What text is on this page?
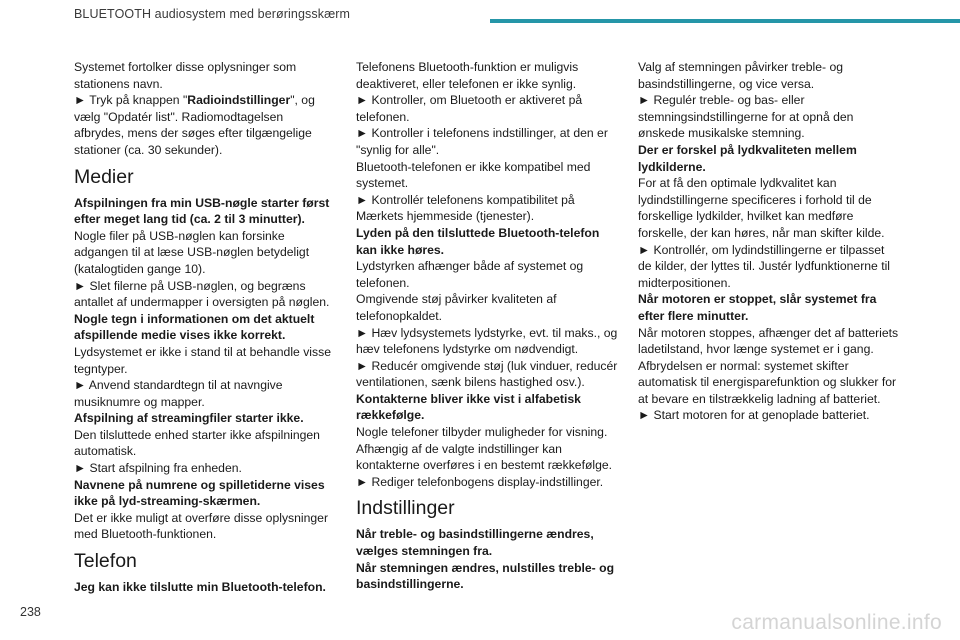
BLUETOOTH audiosystem med berøringsskærm

Systemet fortolker disse oplysninger som stationens navn.

► Tryk på knappen "Radioindstillinger", og vælg "Opdatér list". Radiomodtagelsen afbrydes, mens der søges efter tilgængelige stationer (ca. 30 sekunder).

Medier

Afspilningen fra min USB-nøgle starter først efter meget lang tid (ca. 2 til 3 minutter).

Nogle filer på USB-nøglen kan forsinke adgangen til at læse USB-nøglen betydeligt (katalogtiden gange 10).

► Slet filerne på USB-nøglen, og begræns antallet af undermapper i oversigten på nøglen.

Nogle tegn i informationen om det aktuelt afspillende medie vises ikke korrekt.

Lydsystemet er ikke i stand til at behandle visse tegntyper.

► Anvend standardtegn til at navngive musiknumre og mapper.

Afspilning af streamingfiler starter ikke.

Den tilsluttede enhed starter ikke afspilningen automatisk.

► Start afspilning fra enheden.

Navnene på numrene og spilletiderne vises ikke på lyd-streaming-skærmen.

Det er ikke muligt at overføre disse oplysninger med Bluetooth-funktionen.

Telefon

Jeg kan ikke tilslutte min Bluetooth-telefon.

Telefonens Bluetooth-funktion er muligvis deaktiveret, eller telefonen er ikke synlig.

► Kontroller, om Bluetooth er aktiveret på telefonen.

► Kontroller i telefonens indstillinger, at den er "synlig for alle".

Bluetooth-telefonen er ikke kompatibel med systemet.

► Kontrollér telefonens kompatibilitet på Mærkets hjemmeside (tjenester).

Lyden på den tilsluttede Bluetooth-telefon kan ikke høres.

Lydstyrken afhænger både af systemet og telefonen.

Omgivende støj påvirker kvaliteten af telefonopkaldet.

► Hæv lydsystemets lydstyrke, evt. til maks., og hæv telefonens lydstyrke om nødvendigt.

► Reducér omgivende støj (luk vinduer, reducér ventilationen, sænk bilens hastighed osv.).

Kontakterne bliver ikke vist i alfabetisk rækkefølge.

Nogle telefoner tilbyder muligheder for visning. Afhængig af de valgte indstillinger kan kontakterne overføres i en bestemt rækkefølge.

► Rediger telefonbogens display-indstillinger.

Indstillinger

Når treble- og basindstillingerne ændres, vælges stemningen fra.

Når stemningen ændres, nulstilles treble- og basindstillingerne.

Valg af stemningen påvirker treble- og basindstillingerne, og vice versa.

► Regulér treble- og bas- eller stemningsindstillingerne for at opnå den ønskede musikalske stemning.

Der er forskel på lydkvaliteten mellem lydkilderne.

For at få den optimale lydkvalitet kan lydindstillingerne specificeres i forhold til de forskellige lydkilder, hvilket kan medføre forskelle, der kan høres, når man skifter kilde.

► Kontrollér, om lydindstillingerne er tilpasset de kilder, der lyttes til. Justér lydfunktionerne til midterpositionen.

Når motoren er stoppet, slår systemet fra efter flere minutter.

Når motoren stoppes, afhænger det af batteriets ladetilstand, hvor længe systemet er i gang.

Afbrydelsen er normal: systemet skifter automatisk til energisparefunktion og slukker for at bevare en tilstrækkelig ladning af batteriet.

► Start motoren for at genoplade batteriet.

238	carmanualsonline.info
